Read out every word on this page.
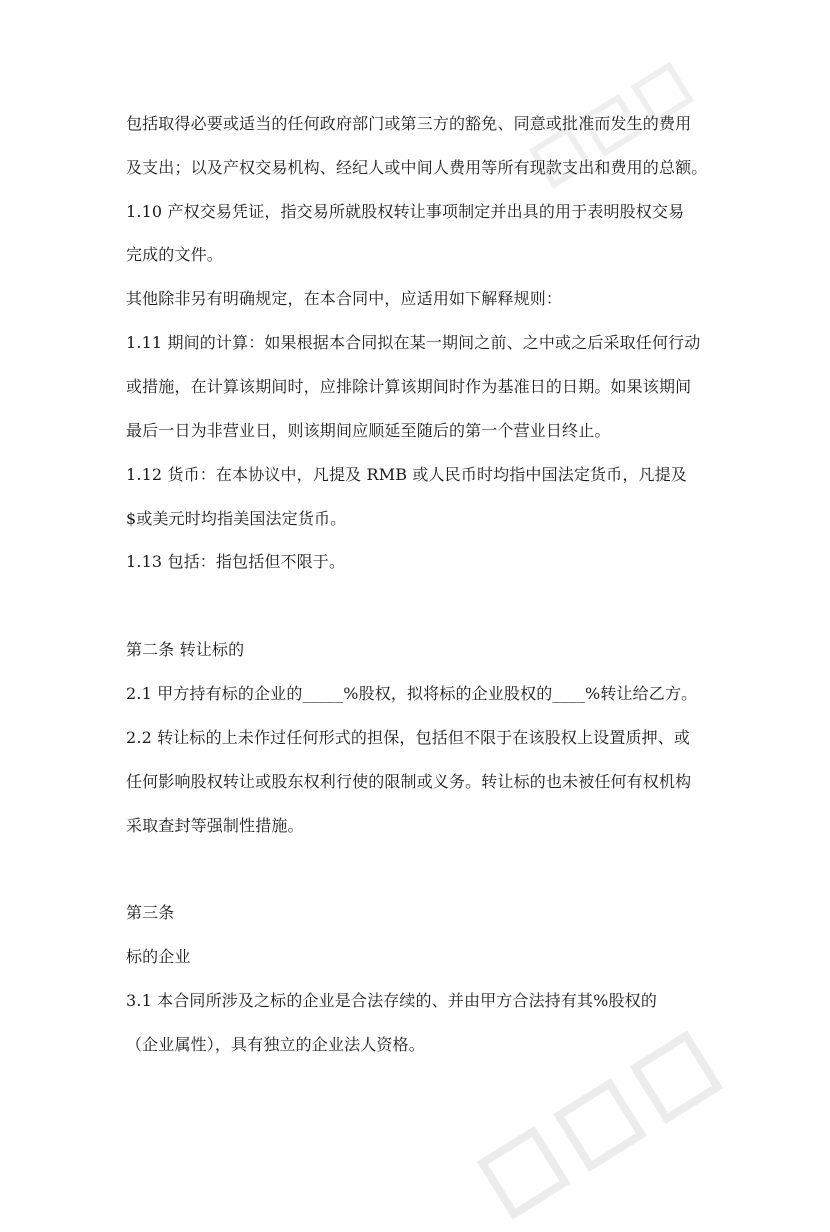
包括取得必要或适当的任何政府部门或第三方的豁免、同意或批准而发生的费用
及支出；以及产权交易机构、经纪人或中间人费用等所有现款支出和费用的总额。
1.10 产权交易凭证，指交易所就股权转让事项制定并出具的用于表明股权交易
完成的文件。
其他除非另有明确规定，在本合同中，应适用如下解释规则：
1.11 期间的计算：如果根据本合同拟在某一期间之前、之中或之后采取任何行动
或措施，在计算该期间时，应排除计算该期间时作为基准日的日期。如果该期间
最后一日为非营业日，则该期间应顺延至随后的第一个营业日终止。
1.12 货币：在本协议中，凡提及 RMB 或人民币时均指中国法定货币，凡提及
$或美元时均指美国法定货币。
1.13 包括：指包括但不限于。
第二条 转让标的
2.1 甲方持有标的企业的_____%股权，拟将标的企业股权的____%转让给乙方。
2.2 转让标的上未作过任何形式的担保，包括但不限于在该股权上设置质押、或
任何影响股权转让或股东权利行使的限制或义务。转让标的也未被任何有权机构
采取查封等强制性措施。
第三条
标的企业
3.1 本合同所涉及之标的企业是合法存续的、并由甲方合法持有其%股权的
（企业属性），具有独立的企业法人资格。
